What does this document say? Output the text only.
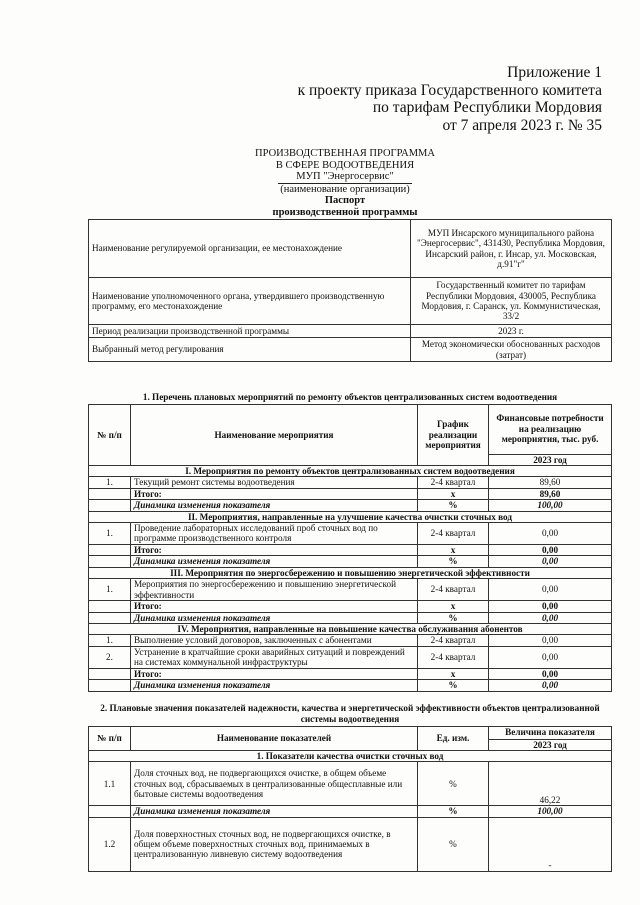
Приложение 1
к проекту приказа Государственного комитета
по тарифам Республики Мордовия
от 7 апреля 2023 г. № 35
ПРОИЗВОДСТВЕННАЯ ПРОГРАММА
В СФЕРЕ ВОДООТВЕДЕНИЯ
МУП "Энергосервис"
(наименование организации)
Паспорт
производственной программы
Наименование регулируемой организации, ее местонахождение	МУП Инсарского муниципального района "Энергосервис", 431430, Республика Мордовия, Инсарский район, г. Инсар, ул. Московская, д.91"г"
Наименование уполномоченного органа, утвердившего производственную программу, его местонахождение	Государственный комитет по тарифам Республики Мордовия, 430005, Республика Мордовия, г. Саранск, ул. Коммунистическая, 33/2
Период реализации производственной программы	2023 г.
Выбранный метод регулирования	Метод экономически обоснованных расходов (затрат)
1. Перечень плановых мероприятий по ремонту объектов централизованных систем водоотведения			
№ п/п	Наименование мероприятия	График реализации мероприятия	Финансовые потребности на реализацию мероприятия, тыс. руб.
			2023 год
I. Мероприятия по ремонту объектов централизованных систем водоотведения			
1.	Текущий ремонт системы водоотведения	2-4 квартал	89,60
	Итого:	х	89,60
	Динамика изменения показателя	%	100,00
II. Мероприятия, направленные на улучшение качества очистки сточных вод			
1.	Проведение лабораторных исследований проб сточных вод по программе производственного контроля	2-4 квартал	0,00
	Итого:	х	0,00
	Динамика изменения показателя	%	0,00
III. Мероприятия по энергосбережению и повышению энергетической эффективности			
1.	Мероприятия по энергосбережению и повышению энергетической эффективности	2-4 квартал	0,00
	Итого:	х	0,00
	Динамика изменения показателя	%	0,00
IV. Мероприятия, направленные на повышение качества обслуживания абонентов			
1.	Выполнение условий договоров, заключенных с абонентами	2-4 квартал	0,00
2.	Устранение в кратчайшие сроки аварийных ситуаций и повреждений на системах коммунальной инфраструктуры	2-4 квартал	0,00
	Итого:	х	0,00
	Динамика изменения показателя	%	0,00
2. Плановые значения показателей надежности, качества и энергетической эффективности объектов централизованной системы водоотведения			
№ п/п	Наименование показателей	Ед. изм.	Величина показателя
			2023 год
1. Показатели качества очистки сточных вод			
1.1	Доля сточных вод, не подвергающихся очистке, в общем объеме сточных вод, сбрасываемых в централизованные общесплавные или бытовые системы водоотведения	%	46,22
	Динамика изменения показателя	%	100,00
1.2	Доля поверхностных сточных вод, не подвергающихся очистке, в общем объеме поверхностных сточных вод, принимаемых в централизованную ливневую систему водоотведения	%	-
